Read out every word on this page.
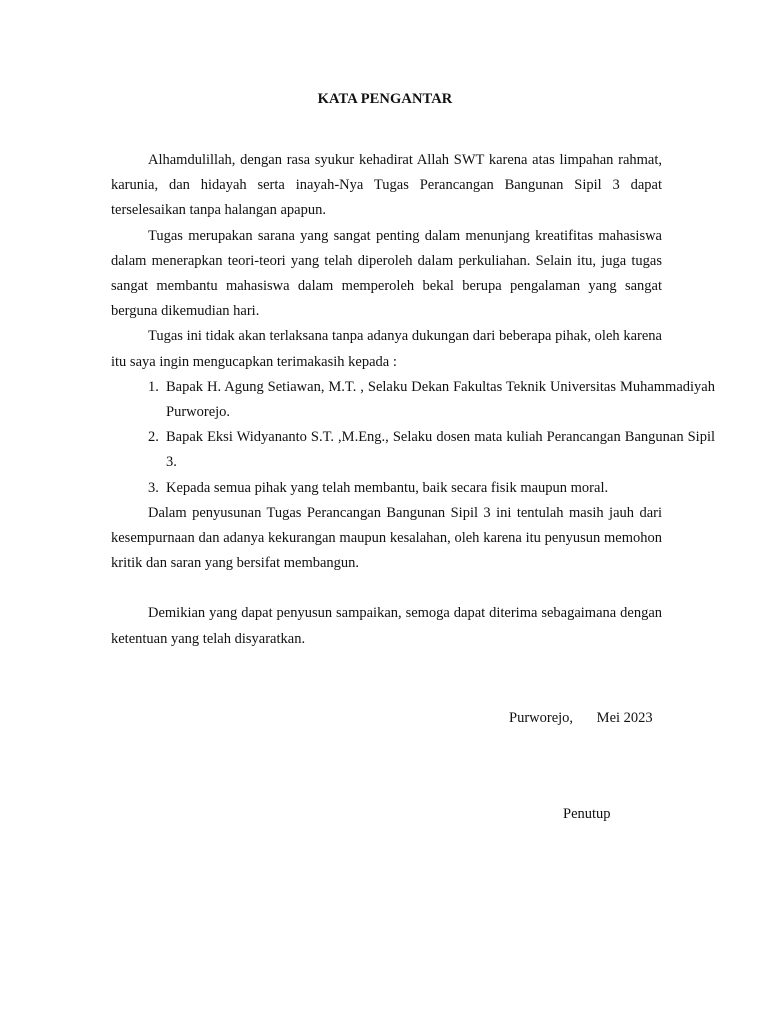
KATA PENGANTAR

Alhamdulillah, dengan rasa syukur kehadirat Allah SWT karena atas limpahan rahmat, karunia, dan hidayah serta inayah-Nya Tugas Perancangan Bangunan Sipil 3 dapat terselesaikan tanpa halangan apapun.

Tugas merupakan sarana yang sangat penting dalam menunjang kreatifitas mahasiswa dalam menerapkan teori-teori yang telah diperoleh dalam perkuliahan. Selain itu, juga tugas sangat membantu mahasiswa dalam memperoleh bekal berupa pengalaman yang sangat berguna dikemudian hari.

Tugas ini tidak akan terlaksana tanpa adanya dukungan dari beberapa pihak, oleh karena itu saya ingin mengucapkan terimakasih kepada :

1. Bapak H. Agung Setiawan, M.T. , Selaku Dekan Fakultas Teknik Universitas Muhammadiyah Purworejo.
2. Bapak Eksi Widyananto S.T. ,M.Eng., Selaku dosen mata kuliah Perancangan Bangunan Sipil 3.
3. Kepada semua pihak yang telah membantu, baik secara fisik maupun moral.

Dalam penyusunan Tugas Perancangan Bangunan Sipil 3 ini tentulah masih jauh dari kesempurnaan dan adanya kekurangan maupun kesalahan, oleh karena itu penyusun memohon kritik dan saran yang bersifat membangun.

Demikian yang dapat penyusun sampaikan, semoga dapat diterima sebagaimana dengan ketentuan yang telah disyaratkan.

Purworejo, Mei 2023
Penutup
